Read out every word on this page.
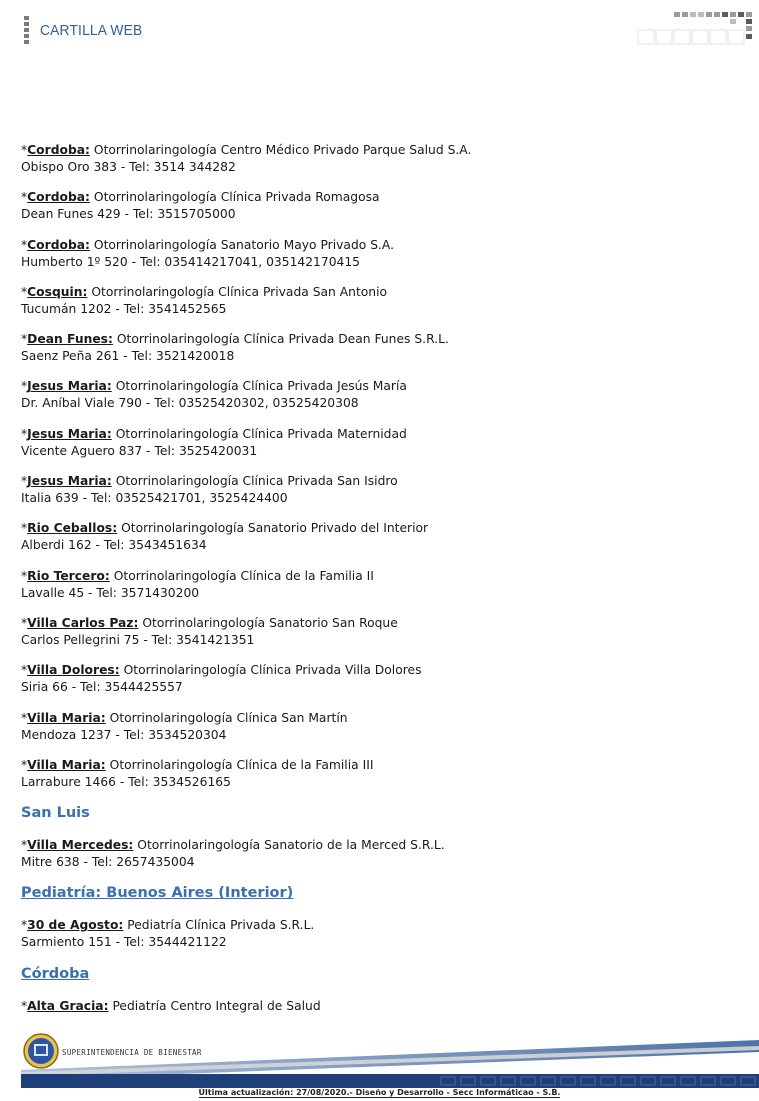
CARTILLA WEB
*Cordoba: Otorrinolaringología Centro Médico Privado Parque Salud S.A.
Obispo Oro 383 - Tel: 3514 344282
*Cordoba: Otorrinolaringología Clínica Privada Romagosa
Dean Funes 429 - Tel: 3515705000
*Cordoba: Otorrinolaringología Sanatorio Mayo Privado S.A.
Humberto 1º 520 - Tel: 035414217041, 035142170415
*Cosquin: Otorrinolaringología Clínica Privada San Antonio
Tucumán 1202 - Tel: 3541452565
*Dean Funes: Otorrinolaringología Clínica Privada Dean Funes S.R.L.
Saenz Peña 261 - Tel: 3521420018
*Jesus Maria: Otorrinolaringología Clínica Privada Jesús María
Dr. Aníbal Viale 790 - Tel: 03525420302, 03525420308
*Jesus Maria: Otorrinolaringología Clínica Privada Maternidad
Vicente Aguero 837 - Tel: 3525420031
*Jesus Maria: Otorrinolaringología Clínica Privada San Isidro
Italia 639 - Tel: 03525421701, 3525424400
*Rio Ceballos: Otorrinolaringología Sanatorio Privado del Interior
Alberdi 162 - Tel: 3543451634
*Rio Tercero: Otorrinolaringología Clínica de la Familia II
Lavalle 45 - Tel: 3571430200
*Villa Carlos Paz: Otorrinolaringología Sanatorio San Roque
Carlos Pellegrini 75 - Tel: 3541421351
*Villa Dolores: Otorrinolaringología Clínica Privada Villa Dolores
Siria 66 - Tel: 3544425557
*Villa Maria: Otorrinolaringología Clínica San Martín
Mendoza 1237 - Tel: 3534520304
*Villa Maria: Otorrinolaringología Clínica de la Familia III
Larrabure 1466 - Tel: 3534526165
San Luis
*Villa Mercedes: Otorrinolaringología Sanatorio de la Merced S.R.L.
Mitre 638 - Tel: 2657435004
Pediatría: Buenos Aires (Interior)
*30 de Agosto: Pediatría Clínica Privada S.R.L.
Sarmiento 151 - Tel: 3544421122
Córdoba
*Alta Gracia: Pediatría Centro Integral de Salud
SUPERINTENDENCIA DE BIENESTAR
Última actualización: 27/08/2020.- Diseño y Desarrollo - Secc Informáticao - S.B.
